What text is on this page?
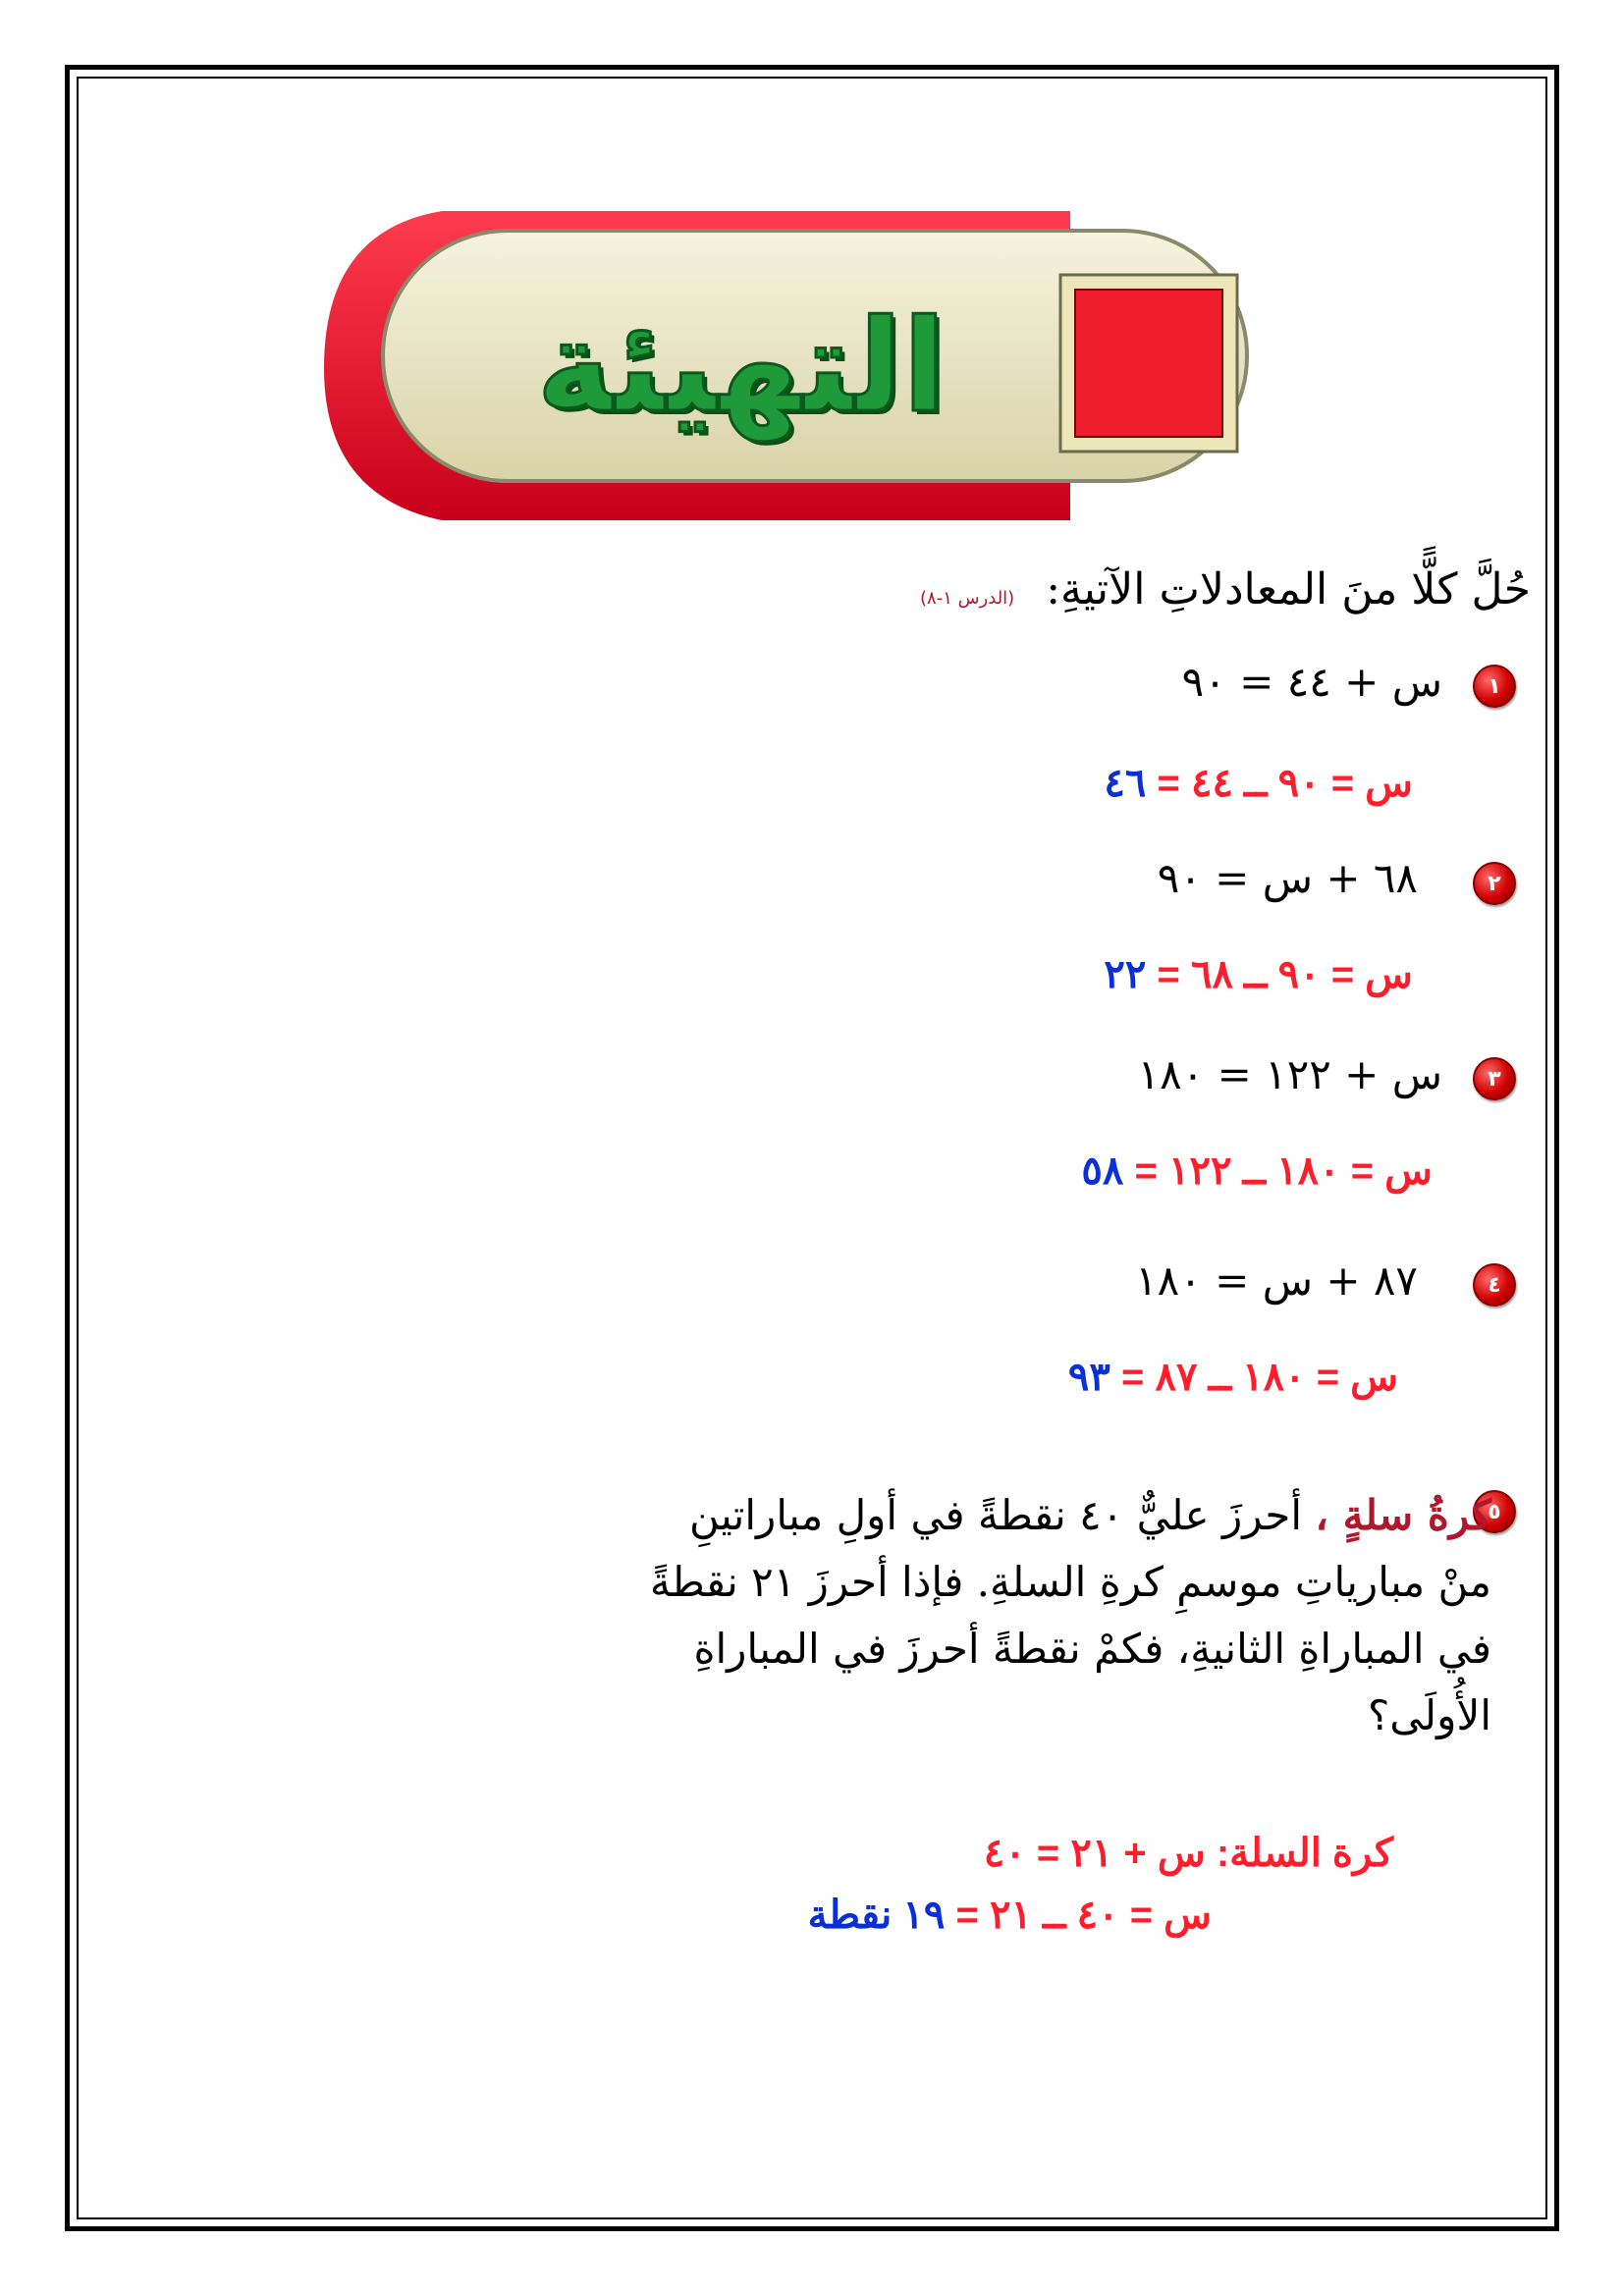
التهيئة
حُلَّ كلًّا منَ المعادلاتِ الآتيةِ: (الدرس ١-٨)
١
س + ٤٤ = ٩٠
س = ٩٠ ــ ٤٤ = ٤٦
٢
٦٨ + س = ٩٠
س = ٩٠ ــ ٦٨ = ٢٢
٣
س + ١٢٢ = ١٨٠
س = ١٨٠ ــ ١٢٢ = ٥٨
٤
٨٧ + س = ١٨٠
س = ١٨٠ ــ ٨٧ = ٩٣
٥
كرةُ سلةٍ ، أحرزَ عليٌّ ٤٠ نقطةً في أولِ مباراتينِ منْ مبارياتِ موسمِ كرةِ السلةِ. فإذا أحرزَ ٢١ نقطةً في المباراةِ الثانيةِ، فكمْ نقطةً أحرزَ في المباراةِ الأُولَى؟
كرة السلة: س + ٢١ = ٤٠
س = ٤٠ ــ ٢١ = ١٩ نقطة
